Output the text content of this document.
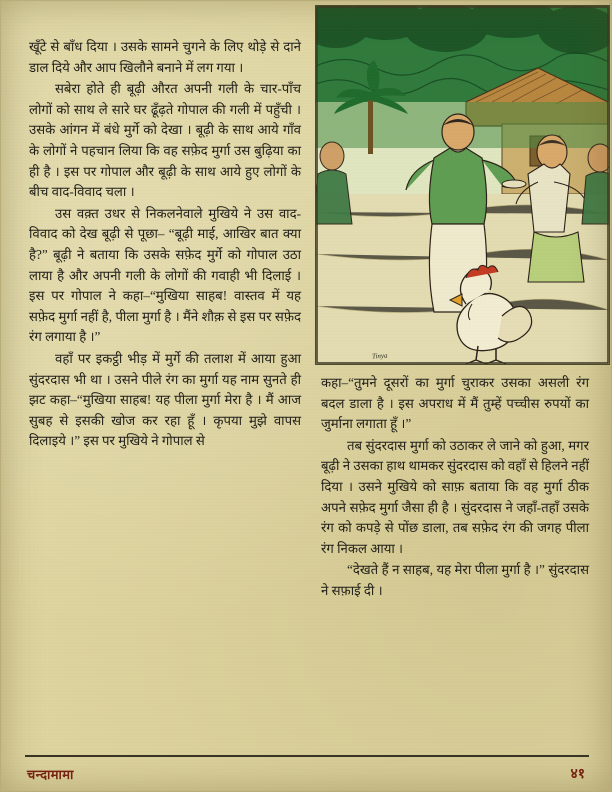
Tinya

खूँटे से बाँध दिया । उसके सामने चुगने के लिए थोड़े से दाने डाल दिये और आप खिलौने बनाने में लग गया ।

सबेरा होते ही बूढ़ी औरत अपनी गली के चार-पाँच लोगों को साथ ले सारे घर ढूँढ़ते गोपाल की गली में पहुँची । उसके आंगन में बंधे मुर्गे को देखा । बूढ़ी के साथ आये गाँव के लोगों ने पहचान लिया कि वह सफ़ेद मुर्गा उस बुढ़िया का ही है । इस पर गोपाल और बूढ़ी के साथ आये हुए लोगों के बीच वाद-विवाद चला ।

उस वक़्त उधर से निकलनेवाले मुखिये ने उस वाद-विवाद को देख बूढ़ी से पूछा– “बूढ़ी माई, आखिर बात क्या है?” बूढ़ी ने बताया कि उसके सफ़ेद मुर्गे को गोपाल उठा लाया है और अपनी गली के लोगों की गवाही भी दिलाई । इस पर गोपाल ने कहा–“मुखिया साहब! वास्तव में यह सफ़ेद मुर्गा नहीं है, पीला मुर्गा है । मैंने शौक़ से इस पर सफ़ेद रंग लगाया है ।”

वहाँ पर इकट्ठी भीड़ में मुर्गे की तलाश में आया हुआ सुंदरदास भी था । उसने पीले रंग का मुर्गा यह नाम सुनते ही झट कहा–“मुखिया साहब! यह पीला मुर्गा मेरा है । मैं आज सुबह से इसकी खोज कर रहा हूँ । कृपया मुझे वापस दिलाइये ।” इस पर मुखिये ने गोपाल से

कहा–“तुमने दूसरों का मुर्गा चुराकर उसका असली रंग बदल डाला है । इस अपराध में मैं तुम्हें पच्चीस रुपयों का जुर्माना लगाता हूँ ।”

तब सुंदरदास मुर्गा को उठाकर ले जाने को हुआ, मगर बूढ़ी ने उसका हाथ थामकर सुंदरदास को वहाँ से हिलने नहीं दिया । उसने मुखिये को साफ़ बताया कि वह मुर्गा ठीक अपने सफ़ेद मुर्गा जैसा ही है । सुंदरदास ने जहाँ-तहाँ उसके रंग को कपड़े से पोंछ डाला, तब सफ़ेद रंग की जगह पीला रंग निकल आया ।

“देखते हैं न साहब, यह मेरा पीला मुर्गा है ।” सुंदरदास ने सफ़ाई दी ।

चन्दामामा	४१
